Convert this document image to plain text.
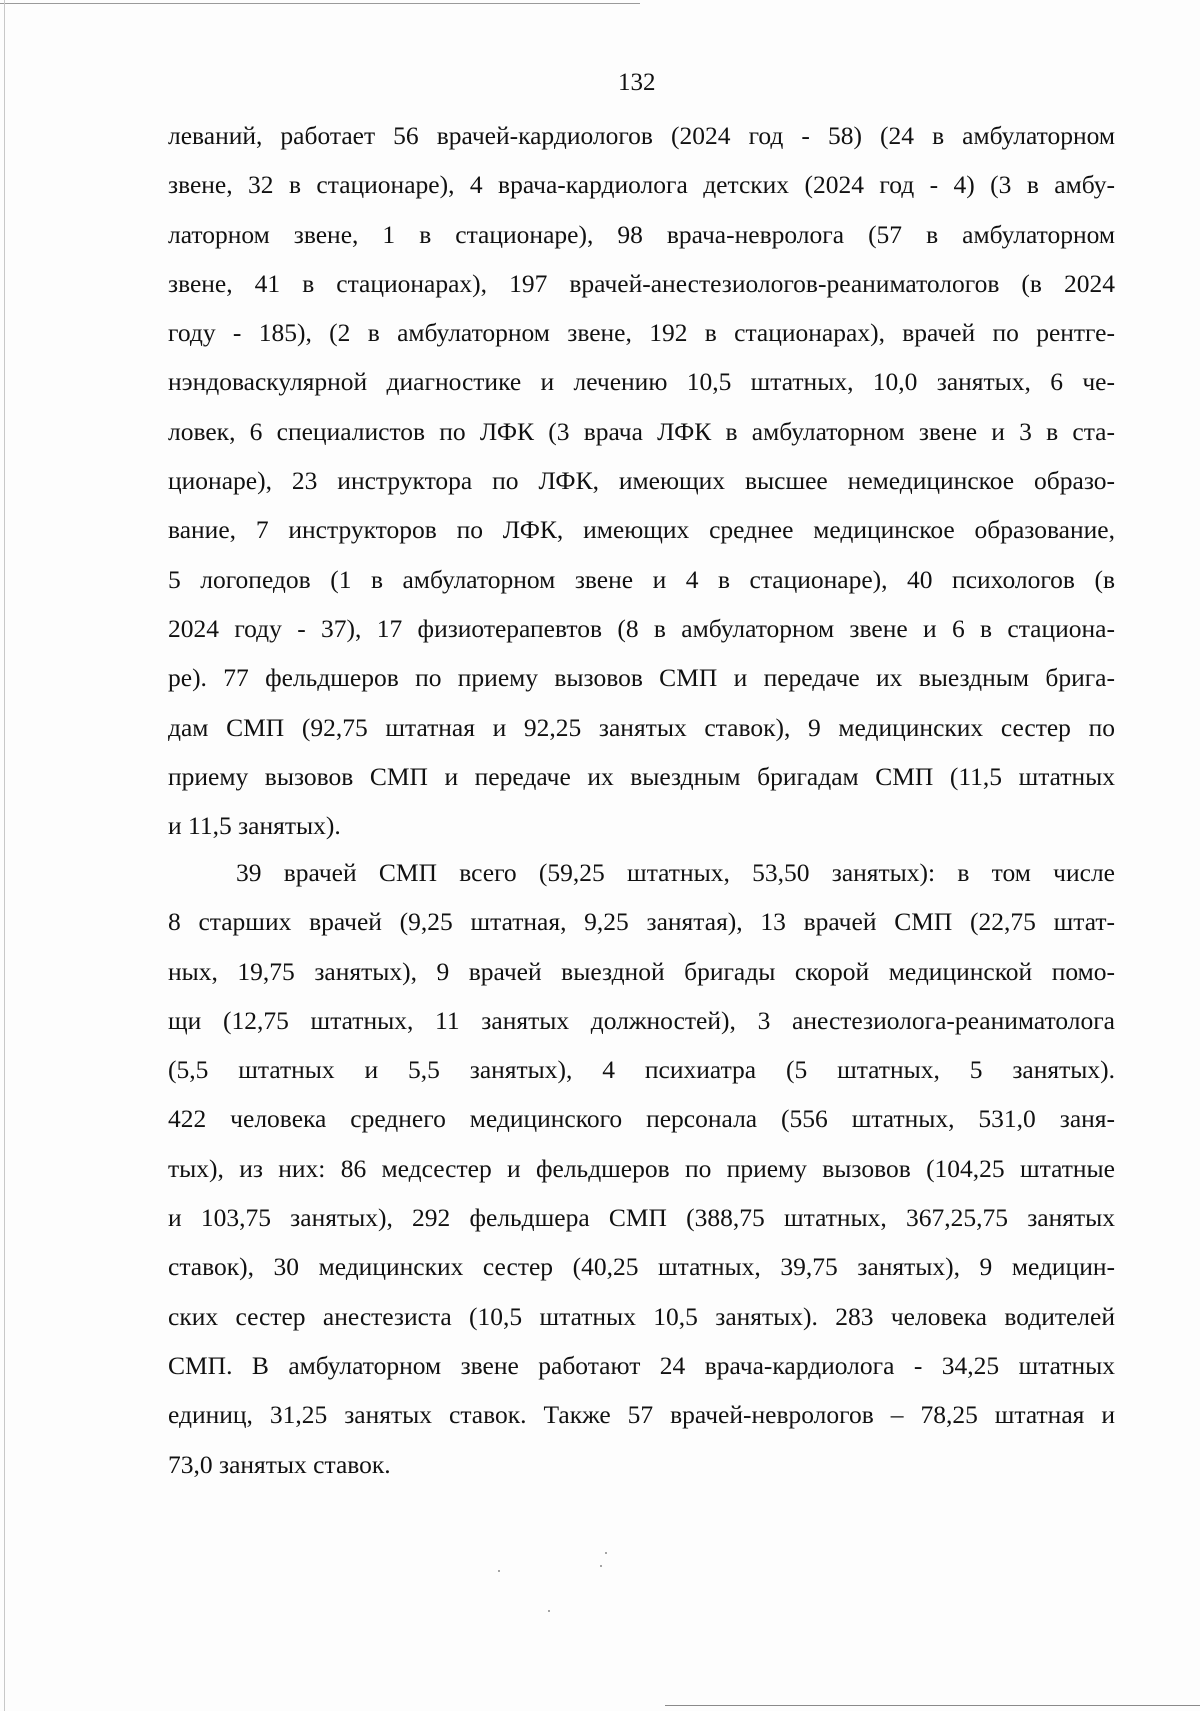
132
леваний, работает 56 врачей-кардиологов (2024 год - 58) (24 в амбулаторном
звене, 32 в стационаре), 4 врача-кардиолога детских (2024 год - 4) (3 в амбу-
латорном звене, 1 в стационаре), 98 врача-невролога (57 в амбулаторном
звене, 41 в стационарах), 197 врачей-анестезиологов-реаниматологов (в 2024
году - 185), (2 в амбулаторном звене, 192 в стационарах), врачей по рентге-
нэндоваскулярной диагностике и лечению 10,5 штатных, 10,0 занятых, 6 че-
ловек, 6 специалистов по ЛФК (3 врача ЛФК в амбулаторном звене и 3 в ста-
ционаре), 23 инструктора по ЛФК, имеющих высшее немедицинское образо-
вание, 7 инструкторов по ЛФК, имеющих среднее медицинское образование,
5 логопедов (1 в амбулаторном звене и 4 в стационаре), 40 психологов (в
2024 году - 37), 17 физиотерапевтов (8 в амбулаторном звене и 6 в стациона-
ре). 77 фельдшеров по приему вызовов СМП и передаче их выездным брига-
дам СМП (92,75 штатная и 92,25 занятых ставок), 9 медицинских сестер по
приему вызовов СМП и передаче их выездным бригадам СМП (11,5 штатных
и 11,5 занятых).
39 врачей СМП всего (59,25 штатных, 53,50 занятых): в том числе
8 старших врачей (9,25 штатная, 9,25 занятая), 13 врачей СМП (22,75 штат-
ных, 19,75 занятых), 9 врачей выездной бригады скорой медицинской помо-
щи (12,75 штатных, 11 занятых должностей), 3 анестезиолога-реаниматолога
(5,5 штатных и 5,5 занятых), 4 психиатра (5 штатных, 5 занятых).
422 человека среднего медицинского персонала (556 штатных, 531,0 заня-
тых), из них: 86 медсестер и фельдшеров по приему вызовов (104,25 штатные
и 103,75 занятых), 292 фельдшера СМП (388,75 штатных, 367,25,75 занятых
ставок), 30 медицинских сестер (40,25 штатных, 39,75 занятых), 9 медицин-
ских сестер анестезиста (10,5 штатных 10,5 занятых). 283 человека водителей
СМП. В амбулаторном звене работают 24 врача-кардиолога - 34,25 штатных
единиц, 31,25 занятых ставок. Также 57 врачей-неврологов – 78,25 штатная и
73,0 занятых ставок.
